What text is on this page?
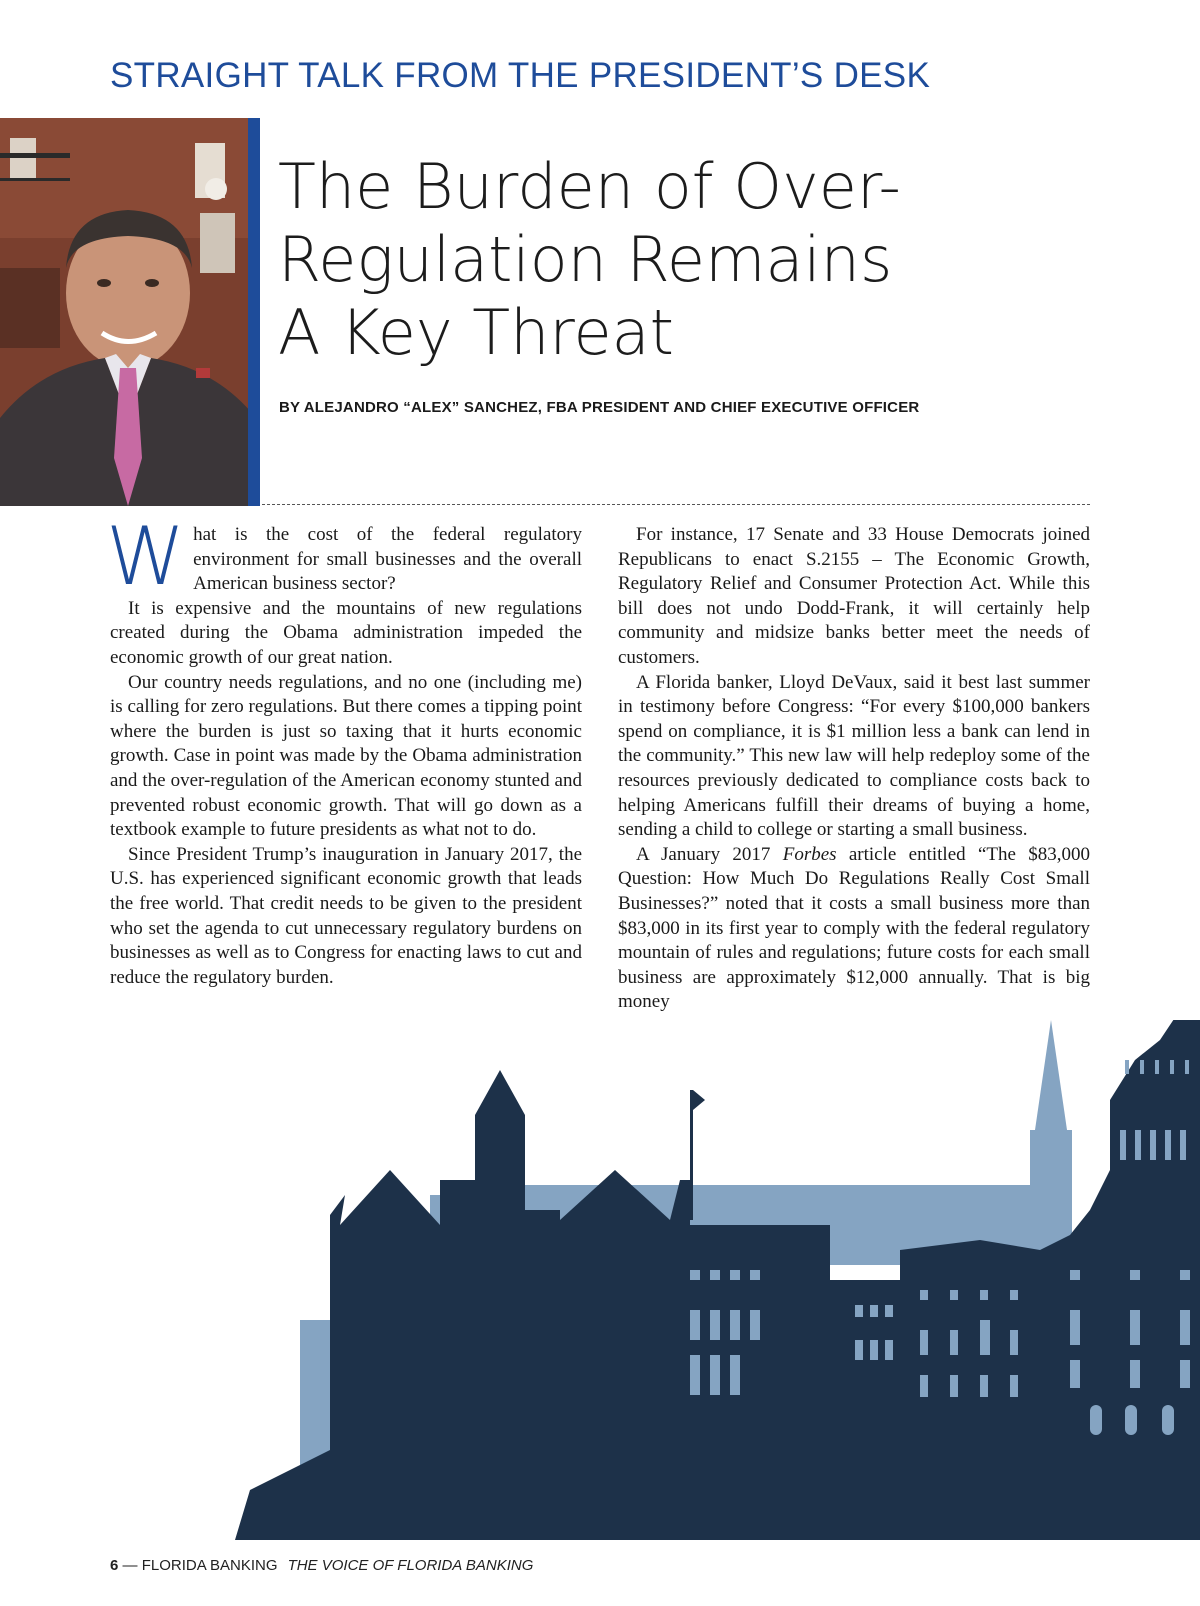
STRAIGHT TALK FROM THE PRESIDENT’S DESK
The Burden of Over-
Regulation Remains
A Key Threat
BY ALEJANDRO “ALEX” SANCHEZ, FBA PRESIDENT AND CHIEF EXECUTIVE OFFICER

What is the cost of the federal regulatory environment for small businesses and the overall American business sector?

It is expensive and the mountains of new regulations created during the Obama administration impeded the economic growth of our great nation.

Our country needs regulations, and no one (including me) is calling for zero regulations. But there comes a tipping point where the burden is just so taxing that it hurts economic growth. Case in point was made by the Obama administration and the over-regulation of the American economy stunted and prevented robust economic growth. That will go down as a textbook example to future presidents as what not to do.

Since President Trump’s inauguration in January 2017, the U.S. has experienced significant economic growth that leads the free world. That credit needs to be given to the president who set the agenda to cut unnecessary regulatory burdens on businesses as well as to Congress for enacting laws to cut and reduce the regulatory burden.

For instance, 17 Senate and 33 House Democrats joined Republicans to enact S.2155 – The Economic Growth, Regulatory Relief and Consumer Protection Act. While this bill does not undo Dodd-Frank, it will certainly help community and midsize banks better meet the needs of customers.

A Florida banker, Lloyd DeVaux, said it best last summer in testimony before Congress: “For every $100,000 bankers spend on compliance, it is $1 million less a bank can lend in the community.” This new law will help redeploy some of the resources previously dedicated to compliance costs back to helping Americans fulfill their dreams of buying a home, sending a child to college or starting a small business.

A January 2017 Forbes article entitled “The $83,000 Question: How Much Do Regulations Really Cost Small Businesses?” noted that it costs a small business more than $83,000 in its first year to comply with the federal regulatory mountain of rules and regulations; future costs for each small business are approximately $12,000 annually. That is big money

6 — FLORIDA BANKING THE VOICE OF FLORIDA BANKING
